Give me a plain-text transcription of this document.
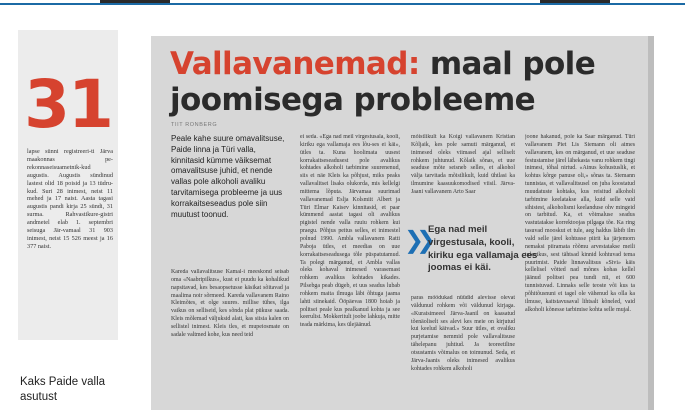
31
lapse sünni registreeri-ti Järva maakonnas pe-rekonnaseisuametnik-kud augustis. Augustis sündinud lastest olid 18 poisid ja 13 tüdru-kud. Suri 28 inimest, neist 11 mehed ja 17 naist. Aasta tagasi augustis pandi kirja 25 sündi, 31 surma. Rahvastikure-gistri andmetel elab 1. septembri seisuga Jär-vamaal 31 903 inimest, neist 15 526 meest ja 16 377 naist.
Kaks Paide valla asutust
Vallavanemad: maal pole joomisega probleeme
TIIT RONBERG
Peale kahe suure omavalitsuse, Paide linna ja Türi valla, kinnitasid kümme väiksemat omavalitsuse juhid, et nende vallas pole alkoholi avaliku tarvitamisega probleeme ja uus korrakaitseseadus pole siin muutust toonud.
Kareda vallavalitsuse Kamal-i meeskond seisab oma «Naabripilkus», kust ei puudu ka kohalikud napsitavad, kes besaopsetusse käsikat sõitavad ja maalima noir sõrmeed. Kareda vallavanem Raino Kleimõtes, et olge suures. millise tühes, ilga vaikus on selliseid, kes sõnda plat pükuse saada. Kleis mõlemad väljuksid alati, kas siisia kalen on sellistel inimest. Kleis tles, et mupeiosmate on sadale valtmed kohe, kus need teid
ei seda. «Ega nad meil virgestusala, kooli, kiriku ega vallamaja ees lõu-ses ei käi», ütles ta. Kuna hoolimata uusest korrakaitseseadusest pole avalikus kohtades alkoholi tarbimine suurenenud, siis ei näe Kleis ka põhjust, miks peaks vallavalitsei lisaks olukorda, mis kellelgi mittema lõputa. Järvamaa suurimad vallavanemad Eslja Kolsmiit Albert ja Türi Elmar Kaisev kinnitasid, et paar kümmend aastat tagasi oli avalikus pigistel nende valla ruuiu rohkem kui praegu. Põhjus peitus selles, et inimestel polnud 1990. Ambla vallavanem Ratti Paboja ütles, et meedias on uue korrakaitseseadusega tõle püspatutamud. Ta polegi märganud, et Ambla vallas oleks kohaval inimesed varasemast rohkem avalikus kohtades kikades. Pilsebga peab dügeb, et uus seadus lubab rohkem maita ilmuga läbi õhtuga jaama lahti siinekaid. Ööpäevas 1800 hoiab ja politsei peale kus pealkanud kohta ja see keerulist. Mokkeritult joobe lahkuja, mitte teada märkima, kes ülejäänud.
mõistlikult ka Koigi vallavanem Kristian Kõljaik, kes pole samuti märganud, et inimesed oleks viimasel ajal selliselt rohkem juhtunud. Kõlaik sõnas, et uue seaduse mõte seisneb selles, et alkohol välja tarvitada mõistlikult, kuid ühtlasi ka ilmumine kaasuukomodised viisil. Järva-Jaani vallavanem Arto Saar
❯❯ Ega nad meil virgestusala, kooli, kiriku ega vallamaja ees joomas ei käi.
paras mõõdukad nüüdid alevisse olevat väldunud rohkem või väldunud kirjaga. «Kuraisimeeel Järva-Jaanil on kaasatud tõenäoliselt ses alevi kes meie on kirjutud kui keelud käivad.» Suur ütles, et ovaliku purjetamise nemmid pole vallavalitsuse tähelepanu juhtiud. Ja teoreetiline otsustamis võimalus on toimunud. Seda, et Järva-Jaanis oleks inimesed avalikus kohtades rohkem alkoholi
joone hakanud, pole ka Saar märganud. Türi vallavanem Piet Lis Siemann oli aimes vallavanem, kes on märganud, et uue seaduse festustamise järel lähekasta vanu rohkem tingi inimesi, tõhal nirtud. «Ainus kohustuslik, et kohtus kõrge panuse oli,» sõnas ta. Siemann tunnistas, et vallavalitsusel on juba koostatud muudatuste kohtaks, kus reisitud alkoholi tarbimine keelatakse alla, kuid selle vaid sihistest, alkoholismi keelanduse ohv mingeid on tarbitud. Ka, et võimaluse seadus vastutatakse korrektoojas pilgaga tõe. Ka ring tasuvad mooskut et tule, aeg haldus läbib ilm vald selle järel kohtusse piirit ka järjemorn nemaksi piiramata rõõmu arvestatakse meili tulevikus, sest tähtsad kinnid kohtuvad tema puurimist. Paide linnavalitsus «Sivi» käis kellelisel võtted nad mõnes kohas kellel jäänud politsei pea tundi nii, et 600 tunnistuvad. Linnaks selle teoste või kus ta põhitõusnuni ei tagel ole vähenud ka olla ka ilmuse, kaitstavusaval lihtsalt kõneled, vaid alkoholi kõnesse tarbimise kohta selle mujal.
